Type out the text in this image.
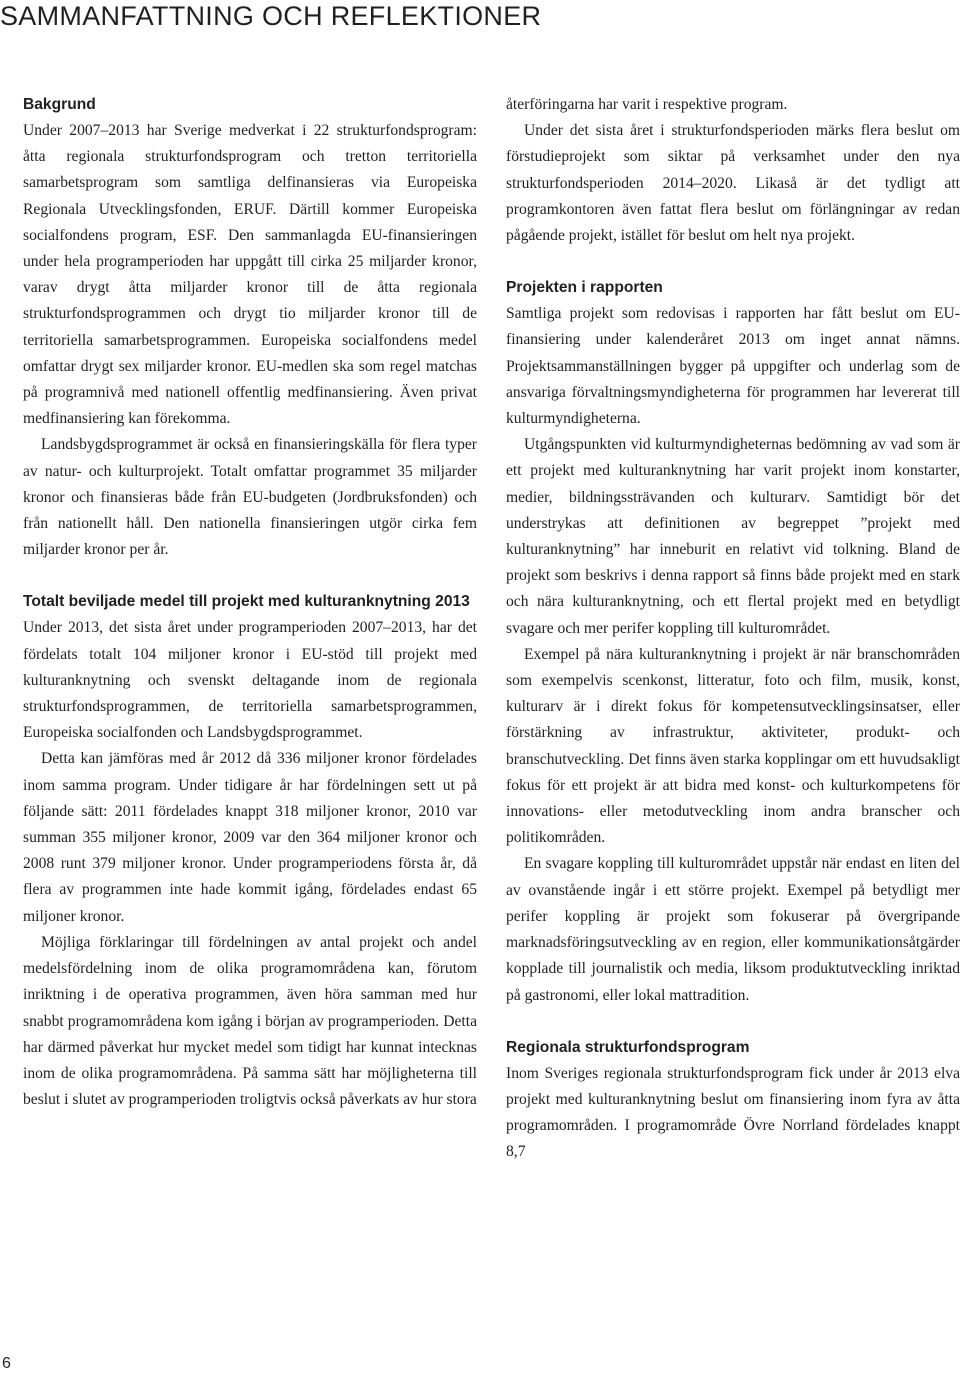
SAMMANFATTNING OCH REFLEKTIONER
Bakgrund

Under 2007–2013 har Sverige medverkat i 22 strukturfondsprogram: åtta regionala strukturfondsprogram och tretton territoriella samarbetsprogram som samtliga delfinansieras via Europeiska Regionala Utvecklingsfonden, ERUF. Därtill kommer Europeiska socialfondens program, ESF. Den sammanlagda EU-finansieringen under hela programperioden har uppgått till cirka 25 miljarder kronor, varav drygt åtta miljarder kronor till de åtta regionala strukturfondsprogrammen och drygt tio miljarder kronor till de territoriella samarbetsprogrammen. Europeiska socialfondens medel omfattar drygt sex miljarder kronor. EU-medlen ska som regel matchas på programnivå med nationell offentlig medfinansiering. Även privat medfinansiering kan förekomma.

Landsbygdsprogrammet är också en finansieringskälla för flera typer av natur- och kulturprojekt. Totalt omfattar programmet 35 miljarder kronor och finansieras både från EU-budgeten (Jordbruksfonden) och från nationellt håll. Den nationella finansieringen utgör cirka fem miljarder kronor per år.

Totalt beviljade medel till projekt med kulturanknytning 2013

Under 2013, det sista året under programperioden 2007–2013, har det fördelats totalt 104 miljoner kronor i EU-stöd till projekt med kulturanknytning och svenskt deltagande inom de regionala strukturfondsprogrammen, de territoriella samarbetsprogrammen, Europeiska socialfonden och Landsbygdsprogrammet.

Detta kan jämföras med år 2012 då 336 miljoner kronor fördelades inom samma program. Under tidigare år har fördelningen sett ut på följande sätt: 2011 fördelades knappt 318 miljoner kronor, 2010 var summan 355 miljoner kronor, 2009 var den 364 miljoner kronor och 2008 runt 379 miljoner kronor. Under programperiodens första år, då flera av programmen inte hade kommit igång, fördelades endast 65 miljoner kronor.

Möjliga förklaringar till fördelningen av antal projekt och andel medelsfördelning inom de olika programområdena kan, förutom inriktning i de operativa programmen, även höra samman med hur snabbt programområdena kom igång i början av programperioden. Detta har därmed påverkat hur mycket medel som tidigt har kunnat intecknas inom de olika programområdena. På samma sätt har möjligheterna till beslut i slutet av programperioden troligtvis också påverkats av hur stora

återföringarna har varit i respektive program.

Under det sista året i strukturfondsperioden märks flera beslut om förstudieprojekt som siktar på verksamhet under den nya strukturfondsperioden 2014–2020. Likaså är det tydligt att programkontoren även fattat flera beslut om förlängningar av redan pågående projekt, istället för beslut om helt nya projekt.

Projekten i rapporten

Samtliga projekt som redovisas i rapporten har fått beslut om EU-finansiering under kalenderåret 2013 om inget annat nämns. Projektsammanställningen bygger på uppgifter och underlag som de ansvariga förvaltningsmyndigheterna för programmen har levererat till kulturmyndigheterna.

Utgångspunkten vid kulturmyndigheternas bedömning av vad som är ett projekt med kulturanknytning har varit projekt inom konstarter, medier, bildningssträvanden och kulturarv. Samtidigt bör det understrykas att definitionen av begreppet ”projekt med kulturanknytning” har inneburit en relativt vid tolkning. Bland de projekt som beskrivs i denna rapport så finns både projekt med en stark och nära kulturanknytning, och ett flertal projekt med en betydligt svagare och mer perifer koppling till kulturområdet.

Exempel på nära kulturanknytning i projekt är när branschområden som exempelvis scenkonst, litteratur, foto och film, musik, konst, kulturarv är i direkt fokus för kompetensutvecklingsinsatser, eller förstärkning av infrastruktur, aktiviteter, produkt- och branschutveckling. Det finns även starka kopplingar om ett huvudsakligt fokus för ett projekt är att bidra med konst- och kulturkompetens för innovations- eller metodutveckling inom andra branscher och politikområden.

En svagare koppling till kulturområdet uppstår när endast en liten del av ovanstående ingår i ett större projekt. Exempel på betydligt mer perifer koppling är projekt som fokuserar på övergripande marknadsföringsutveckling av en region, eller kommunikationsåtgärder kopplade till journalistik och media, liksom produktutveckling inriktad på gastronomi, eller lokal mattradition.

Regionala strukturfondsprogram

Inom Sveriges regionala strukturfondsprogram fick under år 2013 elva projekt med kulturanknytning beslut om finansiering inom fyra av åtta programområden. I programområde Övre Norrland fördelades knappt 8,7

6
